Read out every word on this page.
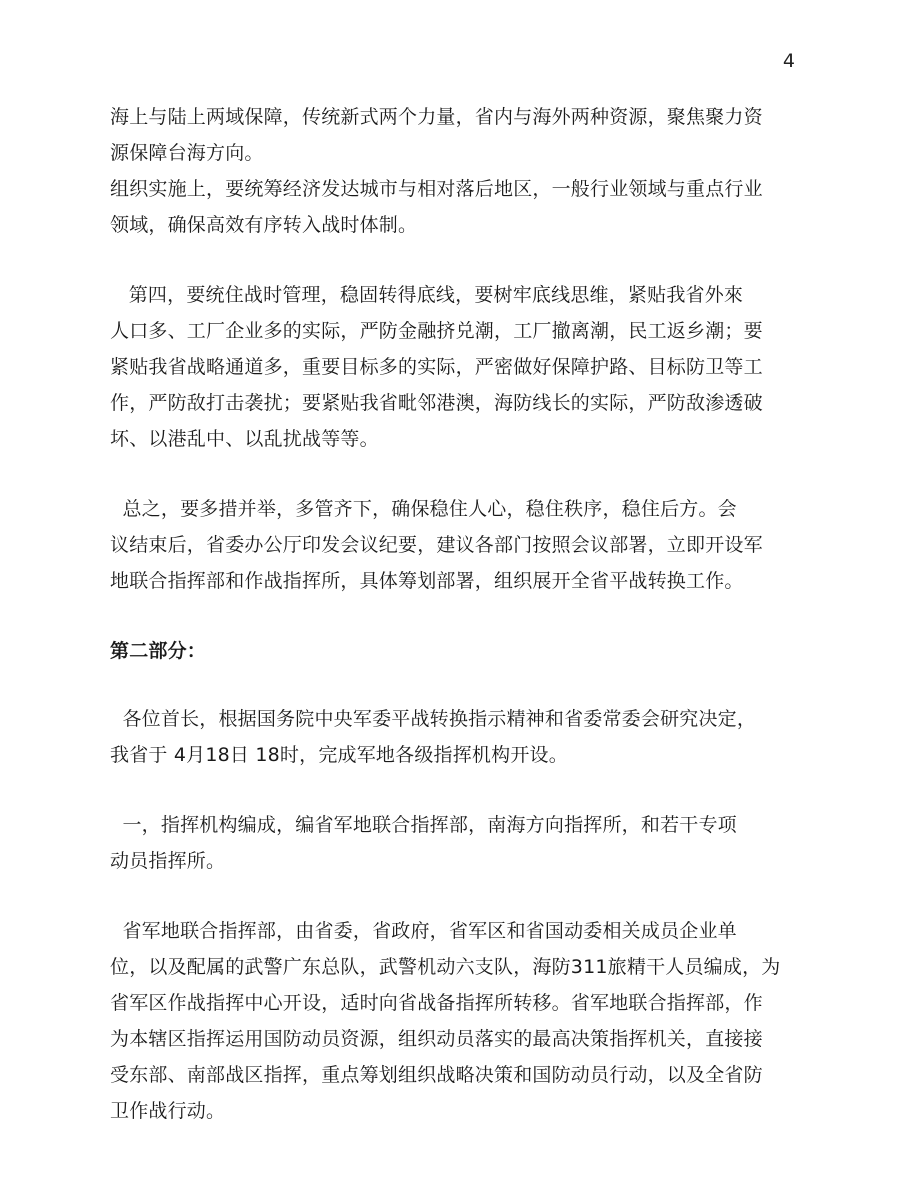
4
海上与陆上两域保障，传统新式两个力量，省内与海外两种资源，聚焦聚力资
源保障台海方向。
组织实施上，要统筹经济发达城市与相对落后地区，一般行业领域与重点行业
领域，确保高效有序转入战时体制。
第四，要统住战时管理，稳固转得底线，要树牢底线思维，紧贴我省外來
人口多、工厂企业多的实际，严防金融挤兑潮，工厂撤离潮，民工返乡潮；要
紧贴我省战略通道多，重要目标多的实际，严密做好保障护路、目标防卫等工
作，严防敌打击袭扰；要紧贴我省毗邻港澳，海防线长的实际，严防敌渗透破
坏、以港乱中、以乱扰战等等。
总之，要多措并举，多管齐下，确保稳住人心，稳住秩序，稳住后方。会
议结束后，省委办公厅印发会议纪要，建议各部门按照会议部署，立即开设军
地联合指挥部和作战指挥所，具体筹划部署，组织展开全省平战转换工作。
第二部分：
各位首长，根据国务院中央军委平战转换指示精神和省委常委会研究决定，
我省于 4月18日 18时，完成军地各级指挥机构开设。
一，指挥机构编成，编省军地联合指挥部，南海方向指挥所，和若干专项
动员指挥所。
省军地联合指挥部，由省委，省政府，省军区和省国动委相关成员企业单
位，以及配属的武警广东总队，武警机动六支队，海防311旅精干人员编成，为
省军区作战指挥中心开设，适时向省战备指挥所转移。省军地联合指挥部，作
为本辖区指挥运用国防动员资源，组织动员落实的最高决策指挥机关，直接接
受东部、南部战区指挥，重点筹划组织战略决策和国防动员行动，以及全省防
卫作战行动。
